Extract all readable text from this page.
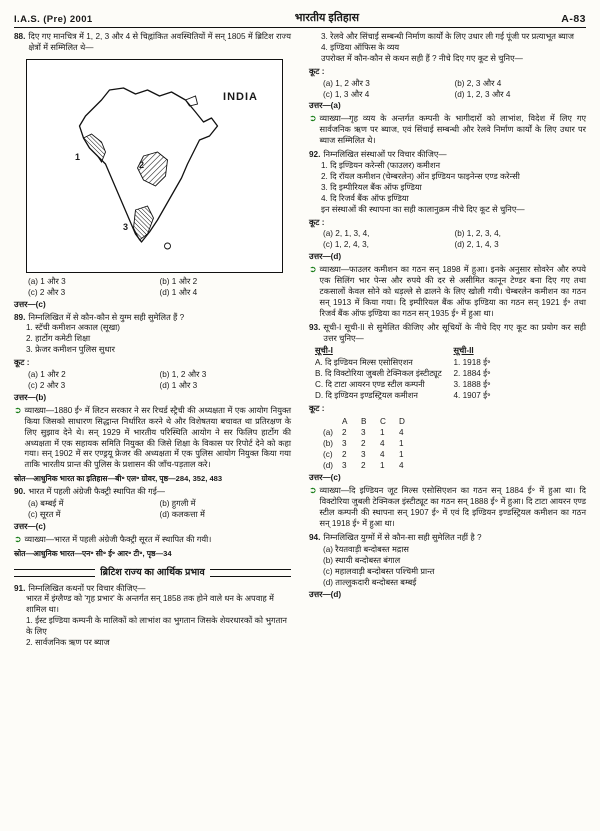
I.A.S. (Pre) 2001	भारतीय इतिहास	A-83
88. दिए गए मानचित्र में 1, 2, 3 और 4 से चिह्नांकित अवस्थितियों में सन् 1805 में ब्रिटिश राज्य क्षेत्रों में सम्मिलित थे—
INDIA
1
2
3
(a) 1 और 3	(b) 1 और 2
(c) 2 और 3	(d) 1 और 4
उत्तर—(c)
89. निम्नलिखित में से कौन-कौन से युग्म सही सुमेलित हैं ?
1. स्टॅची कमीशन अकाल (सूखा)
2. हार्टोग कमेटी शिक्षा
3. फ्रेजर कमीशन पुलिस सुधार
कूट :
(a) 1 और 2	(b) 1, 2 और 3
(c) 2 और 3	(d) 1 और 3
उत्तर—(b)
➲ व्याख्या—1880 ई॰ में लिटन सरकार ने सर रिचर्ड स्ट्रैची की अध्यक्षता में एक आयोग नियुक्त किया जिसको साधारण सिद्धान्त निर्धारित करने थे और विशेषतया बचावत था प्रतिरक्षण के लिए सुझाव देने थे। सन् 1929 में भारतीय परिस्थिति आयोग ने सर फिलिप हार्टोग की अध्यक्षता में एक सहायक समिति नियुक्त की जिसे शिक्षा के विकास पर रिपोर्ट देने को कहा गया। सन् 1902 में सर एण्ड्रयू फ्रेजर की अध्यक्षता में एक पुलिस आयोग नियुक्त किया गया ताकि भारतीय प्रान्त की पुलिस के प्रशासन की जाँच-पड़ताल करे।
स्रोत—आधुनिक भारत का इतिहास—बी॰ एल॰ ग्रोवर, पृष्ठ—284, 352, 483
90. भारत में पहली अंग्रेजी फैक्ट्री स्थापित की गई—
(a) बम्बई में	(b) हुगली में
(c) सूरत में	(d) कलकत्ता में
उत्तर—(c)
➲ व्याख्या—भारत में पहली अंग्रेजी फैक्ट्री सूरत में स्थापित की गयी।
स्रोत—आधुनिक भारत—एन॰ सी॰ ई॰ आर॰ टी॰, पृष्ठ—34
ब्रिटिश राज्य का आर्थिक प्रभाव
91. निम्नलिखित कथनों पर विचार कीजिए—
भारत में इंग्लैण्ड को 'गृह प्रभार' के अन्तर्गत सन् 1858 तक होने वाले धन के अपवाह में शामिल था।
1. ईस्ट इण्डिया कम्पनी के मालिकों को लाभांश का भुगतान जिसके शेयरधारकों को भुगतान के लिए
2. सार्वजनिक ऋण पर ब्याज
3. रेलवे और सिंचाई सम्बन्धी निर्माण कार्यों के लिए उधार ली गई पूंजी पर प्रत्याभूत ब्याज
4. इण्डिया ऑफिस के व्यय
उपरोक्त में कौन-कौन से कथन सही हैं ? नीचे दिए गए कूट से चुनिए—
कूट :
(a) 1, 2 और 3	(b) 2, 3 और 4
(c) 1, 3 और 4	(d) 1, 2, 3 और 4
उत्तर—(a)
➲ व्याख्या—गृह व्यय के अन्तर्गत कम्पनी के भागीदारों को लाभांश, विदेश में लिए गए सार्वजनिक ऋण पर ब्याज, एवं सिंचाई सम्बन्धी और रेलवे निर्माण कार्यों के लिए उधार पर ब्याज सम्मिलित थे।
92. निम्नलिखित संस्थाओं पर विचार कीजिए—
1. दि इण्डियन करेन्सी (फाउलर) कमीशन
2. दि रॉयल कमीशन (चेम्बरलेन) ऑन इण्डियन फाइनेन्स एण्ड करेन्सी
3. दि इम्पीरियल बैंक ऑफ इण्डिया
4. दि रिजर्व बैंक ऑफ इण्डिया
इन संस्थाओं की स्थापना का सही कालानुक्रम नीचे दिए कूट से चुनिए—
कूट :
(a) 2, 1, 3, 4,	(b) 1, 2, 3, 4,
(c) 1, 2, 4, 3,	(d) 2, 1, 4, 3
उत्तर—(d)
➲ व्याख्या—फाउलर कमीशन का गठन सन् 1898 में हुआ। इनके अनुसार सोवरेन और रुपये एक सिलिंग भार पेन्स और रुपये की दर से असीमित कानून टेण्डर बना दिए गए तथा टकसालों केवल सोने को धड़ल्ले से ढालने के लिए खोली गयी। चेम्बरलेन कमीशन का गठन सन् 1913 में किया गया। दि इम्पीरियल बैंक ऑफ इण्डिया का गठन सन् 1921 ई॰ तथा रिजर्व बैंक ऑफ इण्डिया का गठन सन् 1935 ई॰ में हुआ था।
93. सूची-I सूची-II से सुमेलित कीजिए और सूचियों के नीचे दिए गए कूट का प्रयोग कर सही उत्तर चुनिए—
सूची-I
A. दि इण्डियन मिल्स एसोसिएशन
B. दि विक्टोरिया जुबली टेक्निकल इंस्टीट्यूट
C. दि टाटा आयरन एण्ड स्टील कम्पनी
D. दि इण्डियन इण्डस्ट्रियल कमीशन
सूची-II
1. 1918 ई॰
2. 1884 ई॰
3. 1888 ई॰
4. 1907 ई॰
कूट :
A	B	C	D
(a)	2	3	1	4
(b)	3	2	4	1
(c)	2	3	4	1
(d)	3	2	1	4
उत्तर—(c)
➲ व्याख्या—दि इण्डियन जूट मिल्स एसोसिएशन का गठन सन् 1884 ई॰ में हुआ था। दि विक्टोरिया जुबली टेक्निकल इंस्टीट्यूट का गठन सन् 1888 ई॰ में हुआ। दि टाटा आयरन एण्ड स्टील कम्पनी की स्थापना सन् 1907 ई॰ में एवं दि इण्डियन इण्डस्ट्रियल कमीशन का गठन सन् 1918 ई॰ में हुआ था।
94. निम्नलिखित युग्मों में से कौन-सा सही सुमेलित नहीं है ?
(a) रैयतवाड़ी बन्दोबस्त मद्रास
(b) स्थायी बन्दोबस्त बंगाल
(c) महालवाड़ी बन्दोबस्त पश्चिमी प्रान्त
(d) ताल्लुकदारी बन्दोबस्त बम्बई
उत्तर—(d)
